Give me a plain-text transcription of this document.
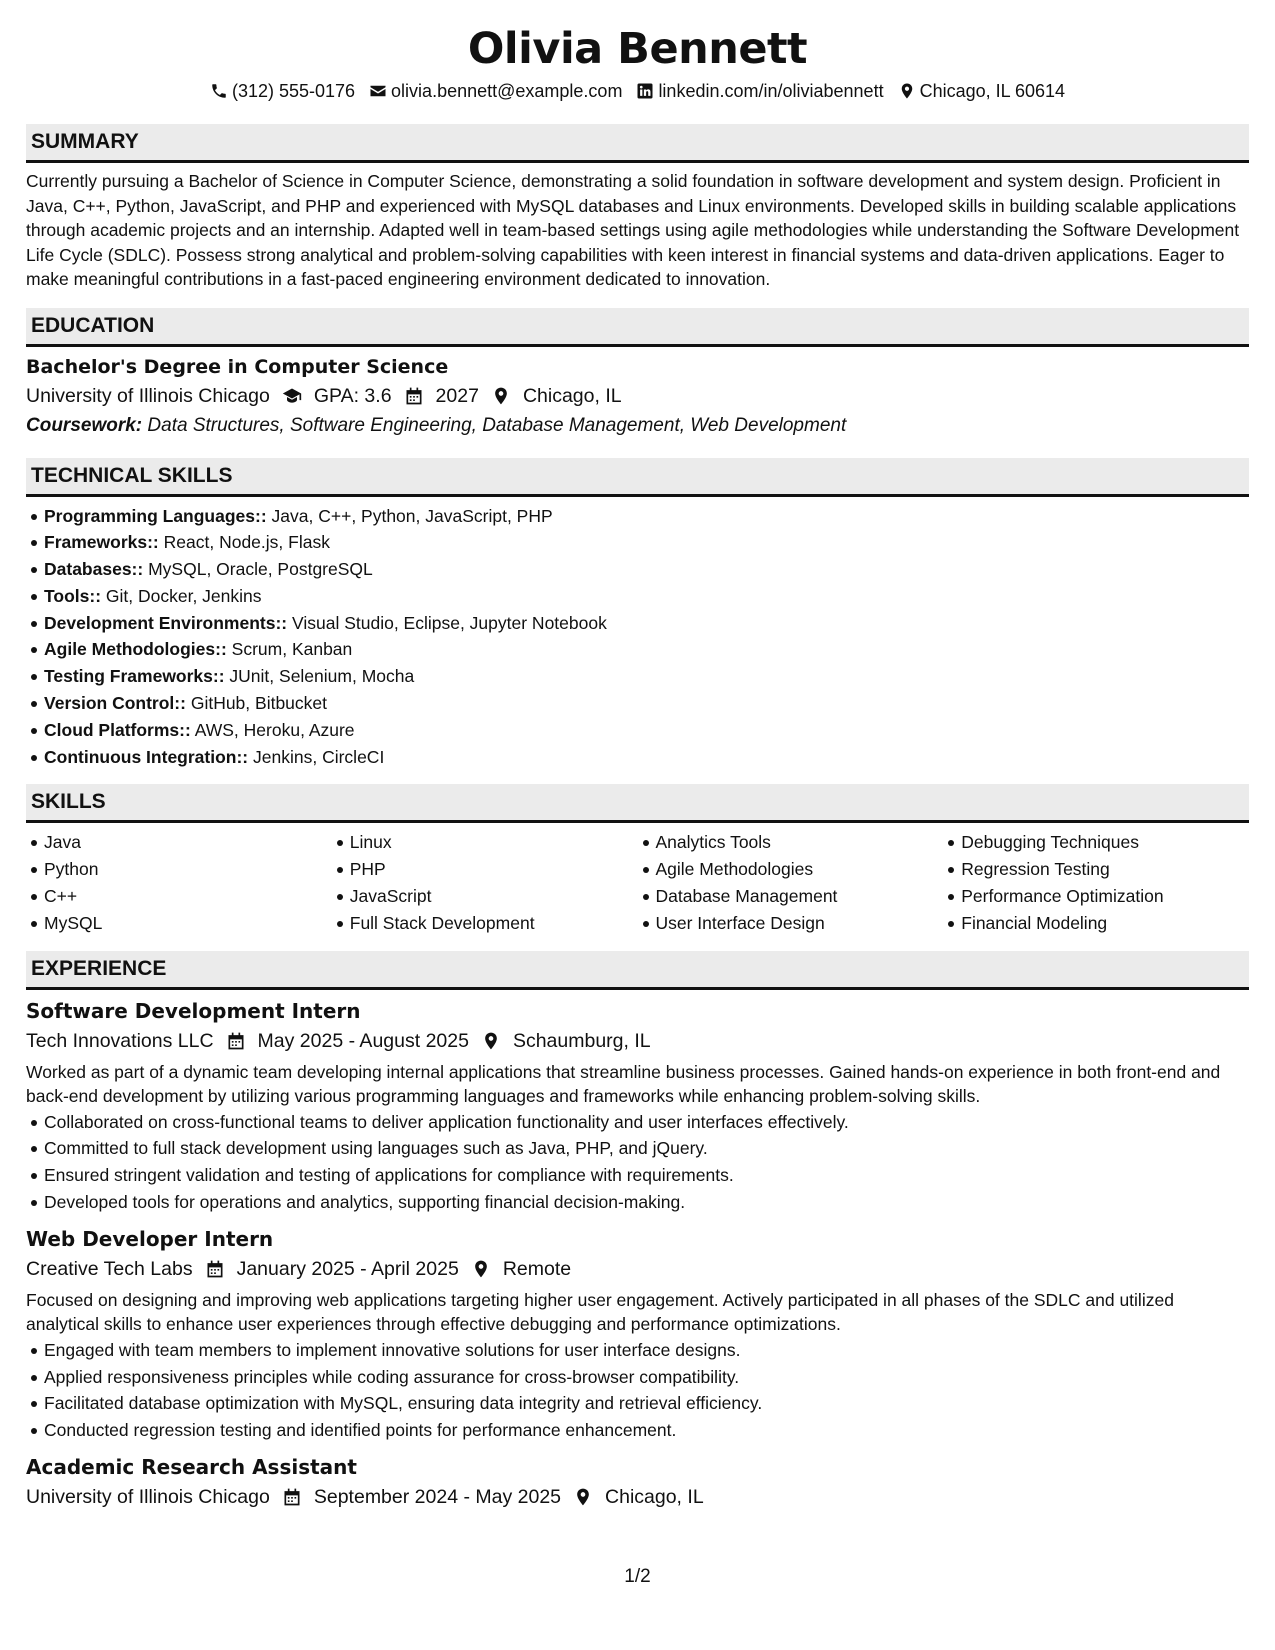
Olivia Bennett
(312) 555-0176 olivia.bennett@example.com linkedin.com/in/oliviabennett Chicago, IL 60614
SUMMARY

Currently pursuing a Bachelor of Science in Computer Science, demonstrating a solid foundation in software development and system design. Proficient in Java, C++, Python, JavaScript, and PHP and experienced with MySQL databases and Linux environments. Developed skills in building scalable applications through academic projects and an internship. Adapted well in team-based settings using agile methodologies while understanding the Software Development Life Cycle (SDLC). Possess strong analytical and problem-solving capabilities with keen interest in financial systems and data-driven applications. Eager to make meaningful contributions in a fast-paced engineering environment dedicated to innovation.

EDUCATION
Bachelor's Degree in Computer Science
University of Illinois Chicago GPA: 3.6 2027 Chicago, IL
Coursework: Data Structures, Software Engineering, Database Management, Web Development
TECHNICAL SKILLS
Programming Languages:: Java, C++, Python, JavaScript, PHP
Frameworks:: React, Node.js, Flask
Databases:: MySQL, Oracle, PostgreSQL
Tools:: Git, Docker, Jenkins
Development Environments:: Visual Studio, Eclipse, Jupyter Notebook
Agile Methodologies:: Scrum, Kanban
Testing Frameworks:: JUnit, Selenium, Mocha
Version Control:: GitHub, Bitbucket
Cloud Platforms:: AWS, Heroku, Azure
Continuous Integration:: Jenkins, CircleCI
SKILLS
Java
Python
C++
MySQL
Linux
PHP
JavaScript
Full Stack Development
Analytics Tools
Agile Methodologies
Database Management
User Interface Design
Debugging Techniques
Regression Testing
Performance Optimization
Financial Modeling
EXPERIENCE
Software Development Intern
Tech Innovations LLC May 2025 - August 2025 Schaumburg, IL

Worked as part of a dynamic team developing internal applications that streamline business processes. Gained hands-on experience in both front-end and back-end development by utilizing various programming languages and frameworks while enhancing problem-solving skills.

Collaborated on cross-functional teams to deliver application functionality and user interfaces effectively.
Committed to full stack development using languages such as Java, PHP, and jQuery.
Ensured stringent validation and testing of applications for compliance with requirements.
Developed tools for operations and analytics, supporting financial decision-making.
Web Developer Intern
Creative Tech Labs January 2025 - April 2025 Remote

Focused on designing and improving web applications targeting higher user engagement. Actively participated in all phases of the SDLC and utilized analytical skills to enhance user experiences through effective debugging and performance optimizations.

Engaged with team members to implement innovative solutions for user interface designs.
Applied responsiveness principles while coding assurance for cross-browser compatibility.
Facilitated database optimization with MySQL, ensuring data integrity and retrieval efficiency.
Conducted regression testing and identified points for performance enhancement.
Academic Research Assistant
University of Illinois Chicago September 2024 - May 2025 Chicago, IL
1/2
